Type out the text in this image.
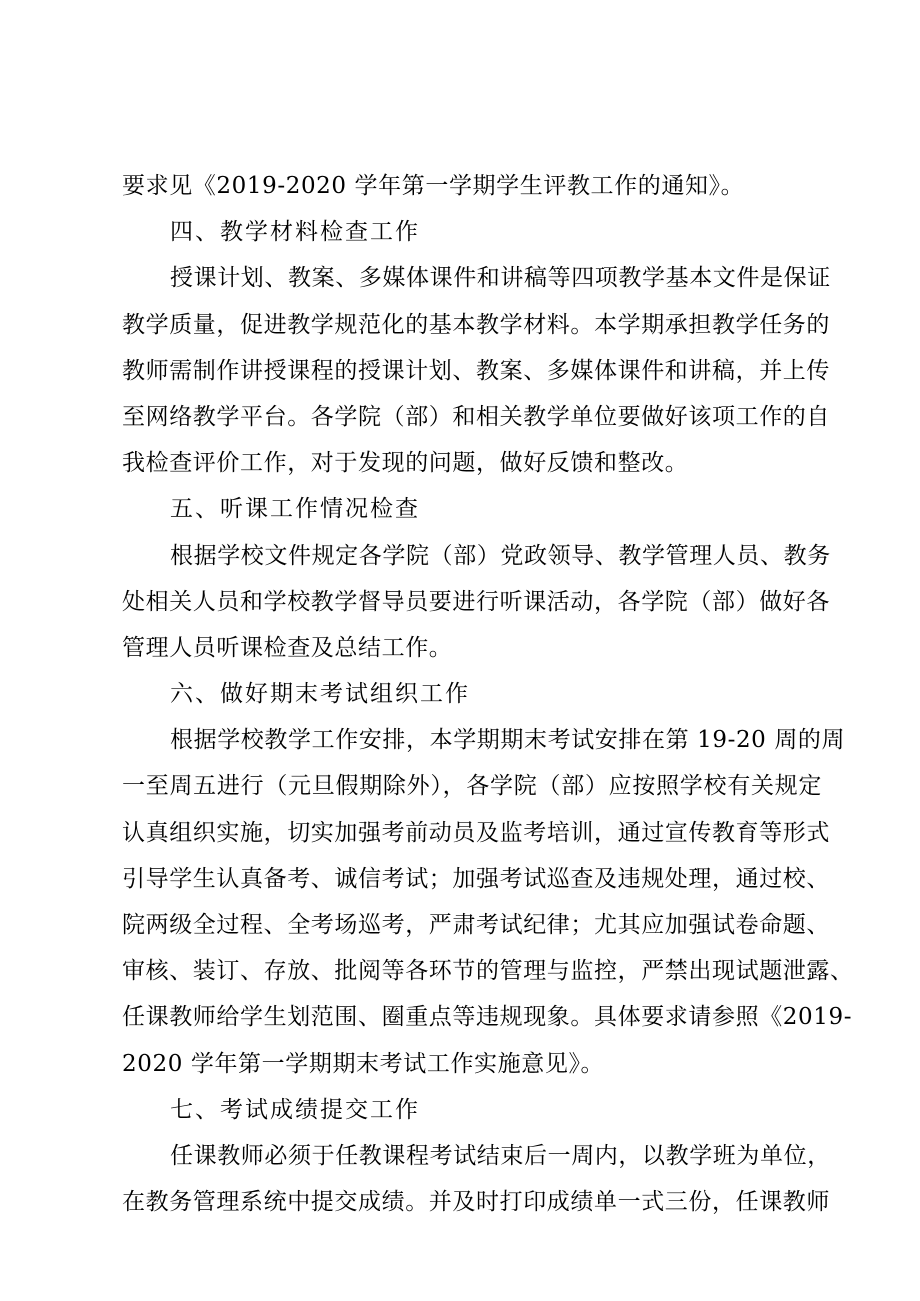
要求见《2019-2020 学年第一学期学生评教工作的通知》。
四、教学材料检查工作
授课计划、教案、多媒体课件和讲稿等四项教学基本文件是保证
教学质量，促进教学规范化的基本教学材料。本学期承担教学任务的
教师需制作讲授课程的授课计划、教案、多媒体课件和讲稿，并上传
至网络教学平台。各学院（部）和相关教学单位要做好该项工作的自
我检查评价工作，对于发现的问题，做好反馈和整改。
五、听课工作情况检查
根据学校文件规定各学院（部）党政领导、教学管理人员、教务
处相关人员和学校教学督导员要进行听课活动，各学院（部）做好各
管理人员听课检查及总结工作。
六、做好期末考试组织工作
根据学校教学工作安排，本学期期末考试安排在第 19-20 周的周
一至周五进行（元旦假期除外），各学院（部）应按照学校有关规定
认真组织实施，切实加强考前动员及监考培训，通过宣传教育等形式
引导学生认真备考、诚信考试；加强考试巡查及违规处理，通过校、
院两级全过程、全考场巡考，严肃考试纪律；尤其应加强试卷命题、
审核、装订、存放、批阅等各环节的管理与监控，严禁出现试题泄露、
任课教师给学生划范围、圈重点等违规现象。具体要求请参照《2019-
2020 学年第一学期期末考试工作实施意见》。
七、考试成绩提交工作
任课教师必须于任教课程考试结束后一周内，以教学班为单位，
在教务管理系统中提交成绩。并及时打印成绩单一式三份，任课教师
